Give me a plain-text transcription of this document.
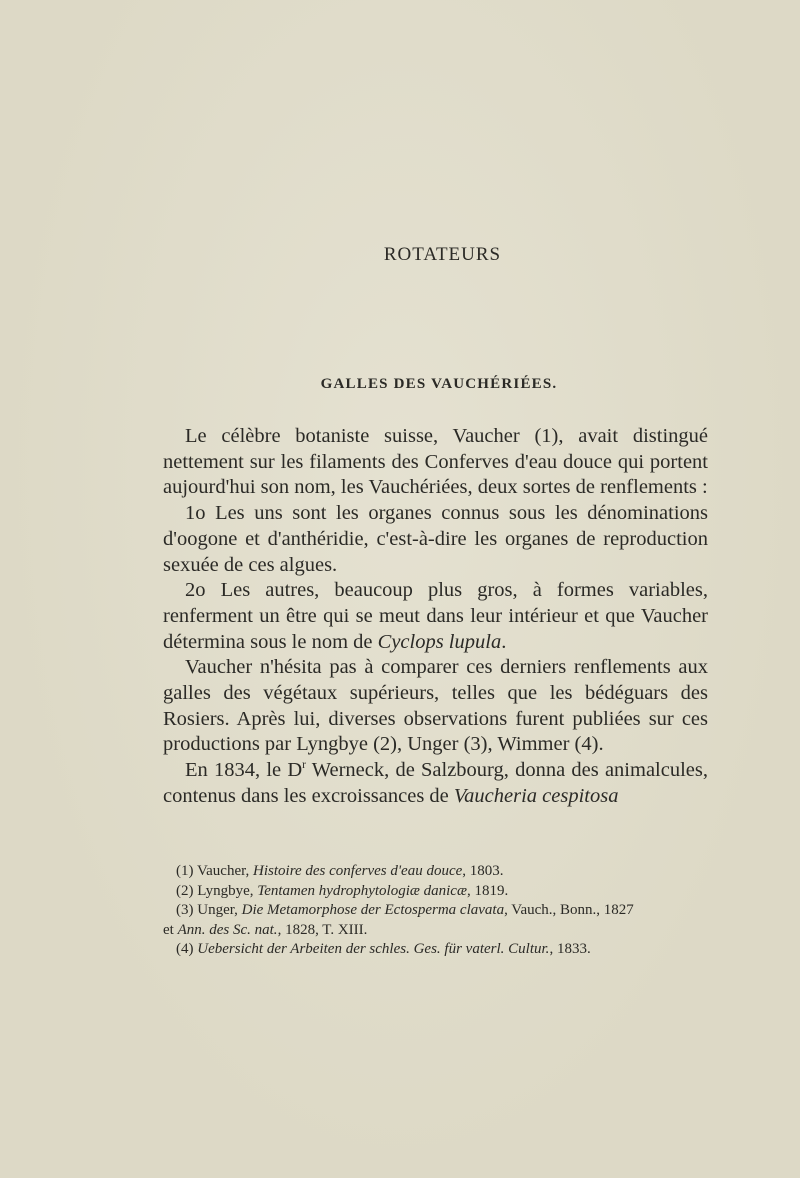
ROTATEURS
GALLES DES VAUCHÉRIÉES.

Le célèbre botaniste suisse, Vaucher (1), avait distingué nettement sur les filaments des Conferves d'eau douce qui portent aujourd'hui son nom, les Vauchériées, deux sortes de renflements :

1o Les uns sont les organes connus sous les dénominations d'oogone et d'anthéridie, c'est-à-dire les organes de reproduction sexuée de ces algues.

2o Les autres, beaucoup plus gros, à formes variables, renferment un être qui se meut dans leur intérieur et que Vaucher détermina sous le nom de Cyclops lupula.

Vaucher n'hésita pas à comparer ces derniers renflements aux galles des végétaux supérieurs, telles que les bédéguars des Rosiers. Après lui, diverses observations furent publiées sur ces productions par Lyngbye (2), Unger (3), Wimmer (4).

En 1834, le $D^r$ Werneck, de Salzbourg, donna des animalcules, contenus dans les excroissances de Vaucheria cespitosa

(1) Vaucher, Histoire des conferves d'eau douce, 1803.

(2) Lyngbye, Tentamen hydrophytologiæ danicæ, 1819.

(3) Unger, Die Metamorphose der Ectosperma clavata, Vauch., Bonn., 1827

et Ann. des Sc. nat., 1828, T. XIII.

(4) Uebersicht der Arbeiten der schles. Ges. für vaterl. Cultur., 1833.
